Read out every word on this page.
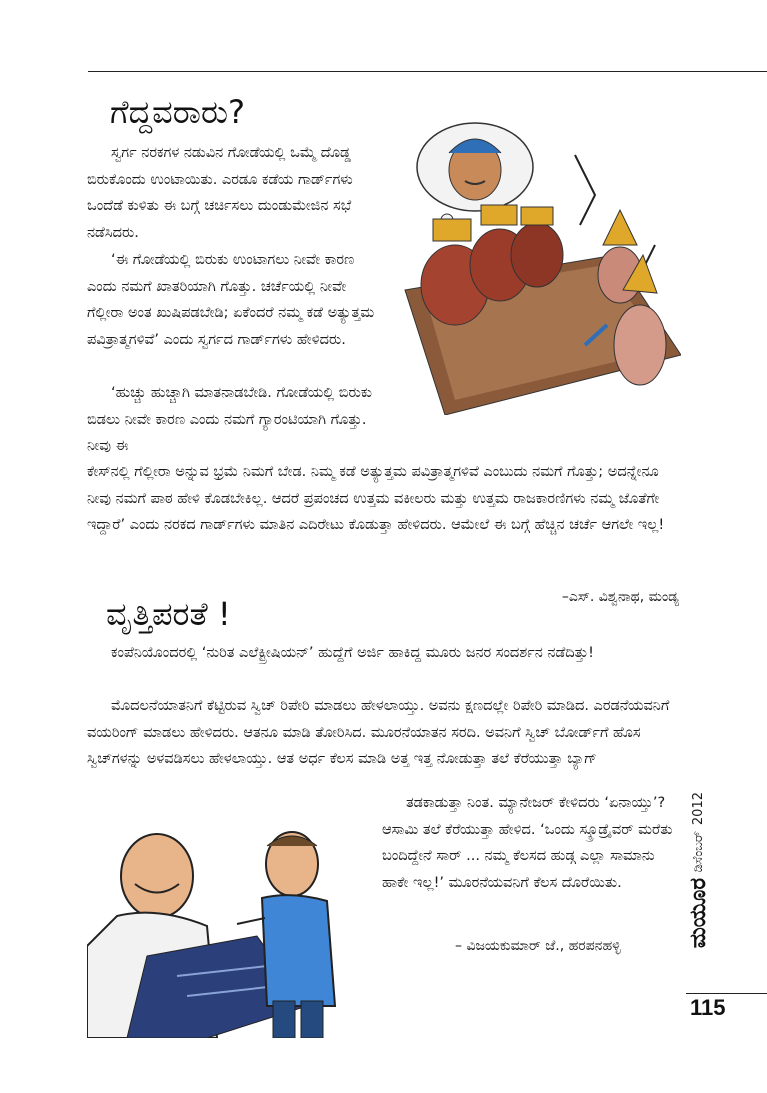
ಗೆದ್ದವರಾರು?

ಸ್ವರ್ಗ ನರಕಗಳ ನಡುವಿನ ಗೋಡೆಯಲ್ಲಿ ಒಮ್ಮೆ ದೊಡ್ಡ ಬಿರುಕೊಂದು ಉಂಟಾಯಿತು. ಎರಡೂ ಕಡೆಯ ಗಾರ್ಡ್‌ಗಳು ಒಂದೆಡೆ ಕುಳಿತು ಈ ಬಗ್ಗೆ ಚರ್ಚಿಸಲು ದುಂಡುಮೇಜಿನ ಸಭೆ ನಡೆಸಿದರು.

‘ಈ ಗೋಡೆಯಲ್ಲಿ ಬಿರುಕು ಉಂಟಾಗಲು ನೀವೇ ಕಾರಣ ಎಂದು ನಮಗೆ ಖಾತರಿಯಾಗಿ ಗೊತ್ತು. ಚರ್ಚೆಯಲ್ಲಿ ನೀವೇ ಗೆಲ್ಲೀರಾ ಅಂತ ಖುಷಿಪಡಬೇಡಿ; ಏಕೆಂದರೆ ನಮ್ಮ ಕಡೆ ಅತ್ಯುತ್ತಮ ಪವಿತ್ರಾತ್ಮಗಳಿವೆ’ ಎಂದು ಸ್ವರ್ಗದ ಗಾರ್ಡ್‌ಗಳು ಹೇಳಿದರು.

‘ಹುಚ್ಚು ಹುಚ್ಚಾಗಿ ಮಾತನಾಡಬೇಡಿ. ಗೋಡೆಯಲ್ಲಿ ಬಿರುಕು ಬಿಡಲು ನೀವೇ ಕಾರಣ ಎಂದು ನಮಗೆ ಗ್ಯಾರಂಟಿಯಾಗಿ ಗೊತ್ತು. ನೀವು ಈ

ಕೇಸ್‌ನಲ್ಲಿ ಗೆಲ್ಲೀರಾ ಅನ್ನುವ ಭ್ರಮೆ ನಿಮಗೆ ಬೇಡ. ನಿಮ್ಮ ಕಡೆ ಅತ್ಯುತ್ತಮ ಪವಿತ್ರಾತ್ಮಗಳಿವೆ ಎಂಬುದು ನಮಗೆ ಗೊತ್ತು; ಅದನ್ನೇನೂ ನೀವು ನಮಗೆ ಪಾಠ ಹೇಳಿ ಕೊಡಬೇಕಿಲ್ಲ. ಆದರೆ ಪ್ರಪಂಚದ ಉತ್ತಮ ವಕೀಲರು ಮತ್ತು ಉತ್ತಮ ರಾಜಕಾರಣಿಗಳು ನಮ್ಮ ಜೊತೆಗೇ ಇದ್ದಾರೆ’ ಎಂದು ನರಕದ ಗಾರ್ಡ್‌ಗಳು ಮಾತಿನ ಎದಿರೇಟು ಕೊಡುತ್ತಾ ಹೇಳಿದರು. ಆಮೇಲೆ ಈ ಬಗ್ಗೆ ಹೆಚ್ಚಿನ ಚರ್ಚೆ ಆಗಲೇ ಇಲ್ಲ!

–ಎಸ್. ವಿಶ್ವನಾಥ, ಮಂಡ್ಯ
ವೃತ್ತಿಪರತೆ !

ಕಂಪೆನಿಯೊಂದರಲ್ಲಿ ‘ನುರಿತ ಎಲೆಕ್ಟ್ರೀಷಿಯನ್’ ಹುದ್ದೆಗೆ ಅರ್ಜಿ ಹಾಕಿದ್ದ ಮೂರು ಜನರ ಸಂದರ್ಶನ ನಡೆದಿತ್ತು!

ಮೊದಲನೆಯಾತನಿಗೆ ಕೆಟ್ಟಿರುವ ಸ್ವಿಚ್ ರಿಪೇರಿ ಮಾಡಲು ಹೇಳಲಾಯ್ತು. ಅವನು ಕ್ಷಣದಲ್ಲೇ ರಿಪೇರಿ ಮಾಡಿದ. ಎರಡನೆಯವನಿಗೆ ವಯರಿಂಗ್ ಮಾಡಲು ಹೇಳಿದರು. ಆತನೂ ಮಾಡಿ ತೋರಿಸಿದ. ಮೂರನೆಯಾತನ ಸರದಿ. ಅವನಿಗೆ ಸ್ವಿಚ್ ಬೋರ್ಡ್‌ಗೆ ಹೊಸ ಸ್ವಿಚ್‌ಗಳನ್ನು ಅಳವಡಿಸಲು ಹೇಳಲಾಯ್ತು. ಆತ ಅರ್ಧ ಕೆಲಸ ಮಾಡಿ ಅತ್ತ ಇತ್ತ ನೋಡುತ್ತಾ ತಲೆ ಕೆರೆಯುತ್ತಾ ಬ್ಯಾಗ್

ತಡಕಾಡುತ್ತಾ ನಿಂತ. ಮ್ಯಾನೇಜರ್ ಕೇಳಿದರು ‘ಏನಾಯ್ತು’? ಆಸಾಮಿ ತಲೆ ಕೆರೆಯುತ್ತಾ ಹೇಳಿದ. ‘ಒಂದು ಸ್ಕ್ರೂಡ್ರೈವರ್ ಮರೆತು ಬಂದಿದ್ದೇನೆ ಸಾರ್ ... ನಮ್ಮ ಕೆಲಸದ ಹುಡ್ಗ ಎಲ್ಲಾ ಸಾಮಾನು ಹಾಕೇ ಇಲ್ಲ!’ ಮೂರನೆಯವನಿಗೆ ಕೆಲಸ ದೊರೆಯಿತು.

– ವಿಜಯಕುಮಾರ್ ಜೆ., ಹರಪನಹಳ್ಳಿ
2012
ಡಿಸೆಂಬರ್
ಮಯೂರ
115
